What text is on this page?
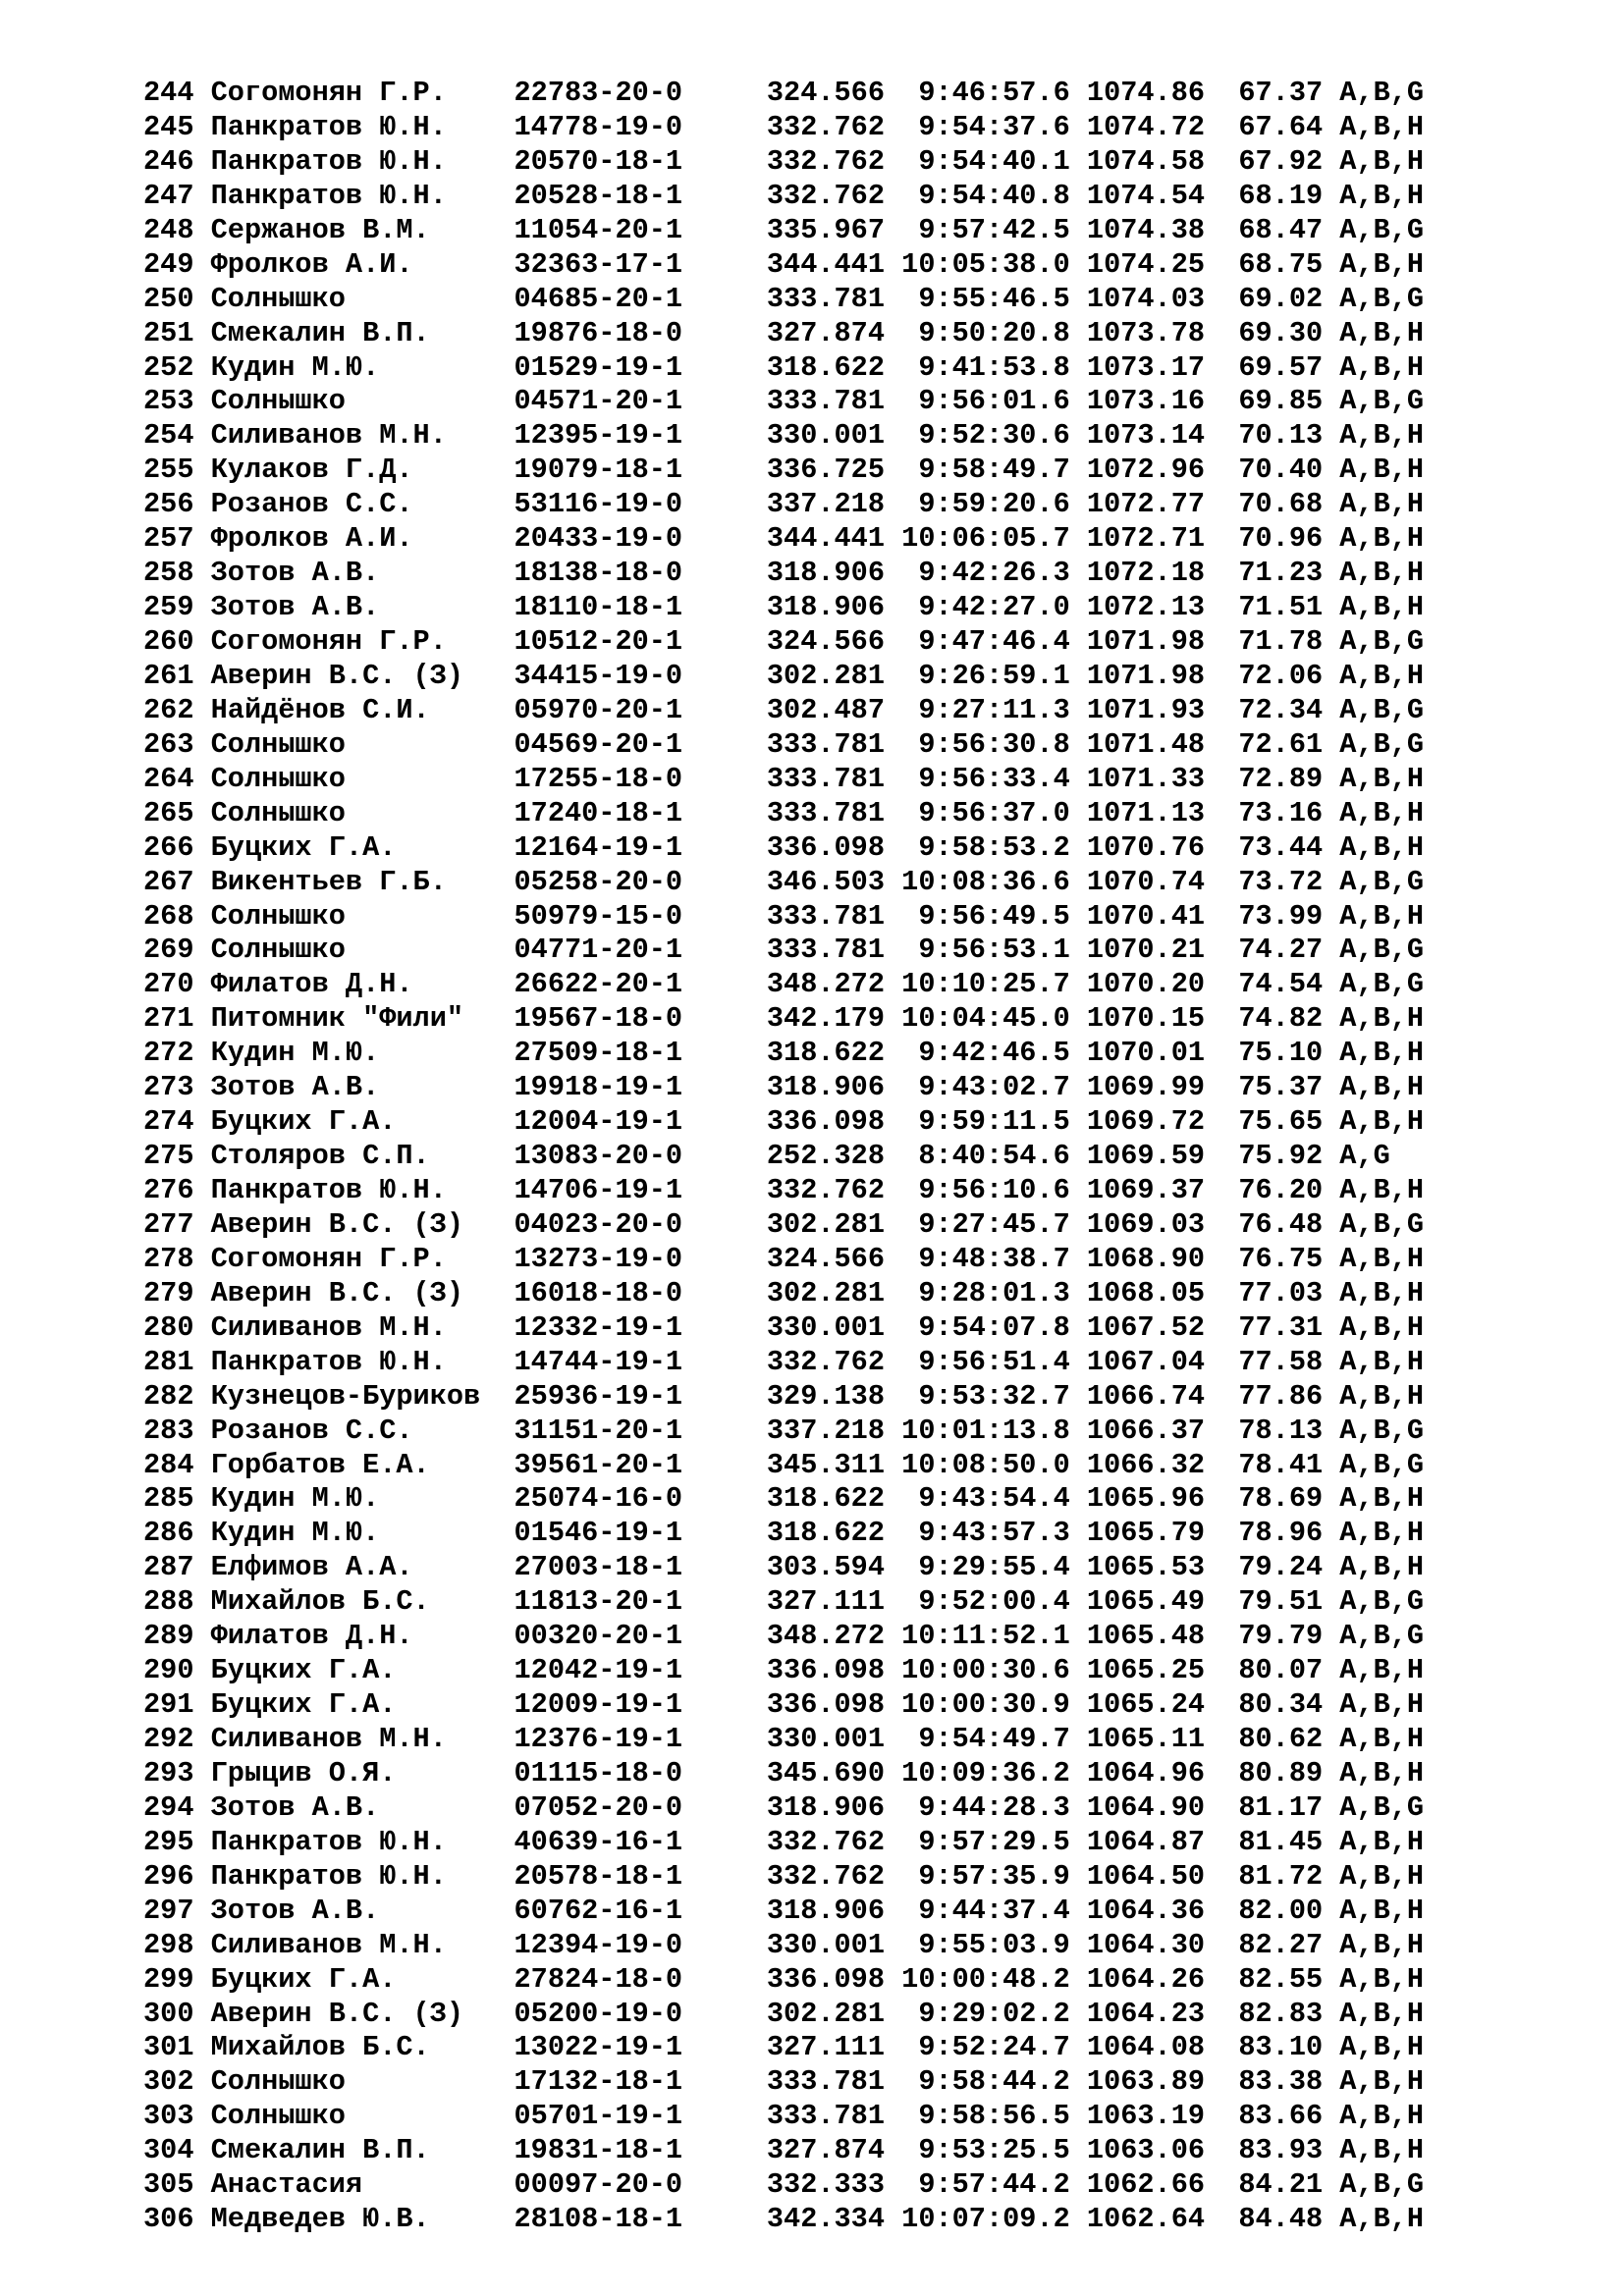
244 Согомонян Г.Р.    22783-20-0     324.566  9:46:57.6 1074.86  67.37 A,B,G
245 Панкратов Ю.Н.    14778-19-0     332.762  9:54:37.6 1074.72  67.64 A,B,H
246 Панкратов Ю.Н.    20570-18-1     332.762  9:54:40.1 1074.58  67.92 A,B,H
247 Панкратов Ю.Н.    20528-18-1     332.762  9:54:40.8 1074.54  68.19 A,B,H
248 Сержанов В.М.     11054-20-1     335.967  9:57:42.5 1074.38  68.47 A,B,G
249 Фролков А.И.      32363-17-1     344.441 10:05:38.0 1074.25  68.75 A,B,H
250 Солнышко          04685-20-1     333.781  9:55:46.5 1074.03  69.02 A,B,G
251 Смекалин В.П.     19876-18-0     327.874  9:50:20.8 1073.78  69.30 A,B,H
252 Кудин М.Ю.        01529-19-1     318.622  9:41:53.8 1073.17  69.57 A,B,H
253 Солнышко          04571-20-1     333.781  9:56:01.6 1073.16  69.85 A,B,G
254 Силиванов М.Н.    12395-19-1     330.001  9:52:30.6 1073.14  70.13 A,B,H
255 Кулаков Г.Д.      19079-18-1     336.725  9:58:49.7 1072.96  70.40 A,B,H
256 Розанов С.С.      53116-19-0     337.218  9:59:20.6 1072.77  70.68 A,B,H
257 Фролков А.И.      20433-19-0     344.441 10:06:05.7 1072.71  70.96 A,B,H
258 Зотов А.В.        18138-18-0     318.906  9:42:26.3 1072.18  71.23 A,B,H
259 Зотов А.В.        18110-18-1     318.906  9:42:27.0 1072.13  71.51 A,B,H
260 Согомонян Г.Р.    10512-20-1     324.566  9:47:46.4 1071.98  71.78 A,B,G
261 Аверин В.С. (З)   34415-19-0     302.281  9:26:59.1 1071.98  72.06 A,B,H
262 Найдёнов С.И.     05970-20-1     302.487  9:27:11.3 1071.93  72.34 A,B,G
263 Солнышко          04569-20-1     333.781  9:56:30.8 1071.48  72.61 A,B,G
264 Солнышко          17255-18-0     333.781  9:56:33.4 1071.33  72.89 A,B,H
265 Солнышко          17240-18-1     333.781  9:56:37.0 1071.13  73.16 A,B,H
266 Буцких Г.А.       12164-19-1     336.098  9:58:53.2 1070.76  73.44 A,B,H
267 Викентьев Г.Б.    05258-20-0     346.503 10:08:36.6 1070.74  73.72 A,B,G
268 Солнышко          50979-15-0     333.781  9:56:49.5 1070.41  73.99 A,B,H
269 Солнышко          04771-20-1     333.781  9:56:53.1 1070.21  74.27 A,B,G
270 Филатов Д.Н.      26622-20-1     348.272 10:10:25.7 1070.20  74.54 A,B,G
271 Питомник "Фили"   19567-18-0     342.179 10:04:45.0 1070.15  74.82 A,B,H
272 Кудин М.Ю.        27509-18-1     318.622  9:42:46.5 1070.01  75.10 A,B,H
273 Зотов А.В.        19918-19-1     318.906  9:43:02.7 1069.99  75.37 A,B,H
274 Буцких Г.А.       12004-19-1     336.098  9:59:11.5 1069.72  75.65 A,B,H
275 Столяров С.П.     13083-20-0     252.328  8:40:54.6 1069.59  75.92 A,G
276 Панкратов Ю.Н.    14706-19-1     332.762  9:56:10.6 1069.37  76.20 A,B,H
277 Аверин В.С. (З)   04023-20-0     302.281  9:27:45.7 1069.03  76.48 A,B,G
278 Согомонян Г.Р.    13273-19-0     324.566  9:48:38.7 1068.90  76.75 A,B,H
279 Аверин В.С. (З)   16018-18-0     302.281  9:28:01.3 1068.05  77.03 A,B,H
280 Силиванов М.Н.    12332-19-1     330.001  9:54:07.8 1067.52  77.31 A,B,H
281 Панкратов Ю.Н.    14744-19-1     332.762  9:56:51.4 1067.04  77.58 A,B,H
282 Кузнецов-Буриков  25936-19-1     329.138  9:53:32.7 1066.74  77.86 A,B,H
283 Розанов С.С.      31151-20-1     337.218 10:01:13.8 1066.37  78.13 A,B,G
284 Горбатов Е.А.     39561-20-1     345.311 10:08:50.0 1066.32  78.41 A,B,G
285 Кудин М.Ю.        25074-16-0     318.622  9:43:54.4 1065.96  78.69 A,B,H
286 Кудин М.Ю.        01546-19-1     318.622  9:43:57.3 1065.79  78.96 A,B,H
287 Елфимов А.А.      27003-18-1     303.594  9:29:55.4 1065.53  79.24 A,B,H
288 Михайлов Б.С.     11813-20-1     327.111  9:52:00.4 1065.49  79.51 A,B,G
289 Филатов Д.Н.      00320-20-1     348.272 10:11:52.1 1065.48  79.79 A,B,G
290 Буцких Г.А.       12042-19-1     336.098 10:00:30.6 1065.25  80.07 A,B,H
291 Буцких Г.А.       12009-19-1     336.098 10:00:30.9 1065.24  80.34 A,B,H
292 Силиванов М.Н.    12376-19-1     330.001  9:54:49.7 1065.11  80.62 A,B,H
293 Грыцив О.Я.       01115-18-0     345.690 10:09:36.2 1064.96  80.89 A,B,H
294 Зотов А.В.        07052-20-0     318.906  9:44:28.3 1064.90  81.17 A,B,G
295 Панкратов Ю.Н.    40639-16-1     332.762  9:57:29.5 1064.87  81.45 A,B,H
296 Панкратов Ю.Н.    20578-18-1     332.762  9:57:35.9 1064.50  81.72 A,B,H
297 Зотов А.В.        60762-16-1     318.906  9:44:37.4 1064.36  82.00 A,B,H
298 Силиванов М.Н.    12394-19-0     330.001  9:55:03.9 1064.30  82.27 A,B,H
299 Буцких Г.А.       27824-18-0     336.098 10:00:48.2 1064.26  82.55 A,B,H
300 Аверин В.С. (З)   05200-19-0     302.281  9:29:02.2 1064.23  82.83 A,B,H
301 Михайлов Б.С.     13022-19-1     327.111  9:52:24.7 1064.08  83.10 A,B,H
302 Солнышко          17132-18-1     333.781  9:58:44.2 1063.89  83.38 A,B,H
303 Солнышко          05701-19-1     333.781  9:58:56.5 1063.19  83.66 A,B,H
304 Смекалин В.П.     19831-18-1     327.874  9:53:25.5 1063.06  83.93 A,B,H
305 Анастасия         00097-20-0     332.333  9:57:44.2 1062.66  84.21 A,B,G
306 Медведев Ю.В.     28108-18-1     342.334 10:07:09.2 1062.64  84.48 A,B,H
